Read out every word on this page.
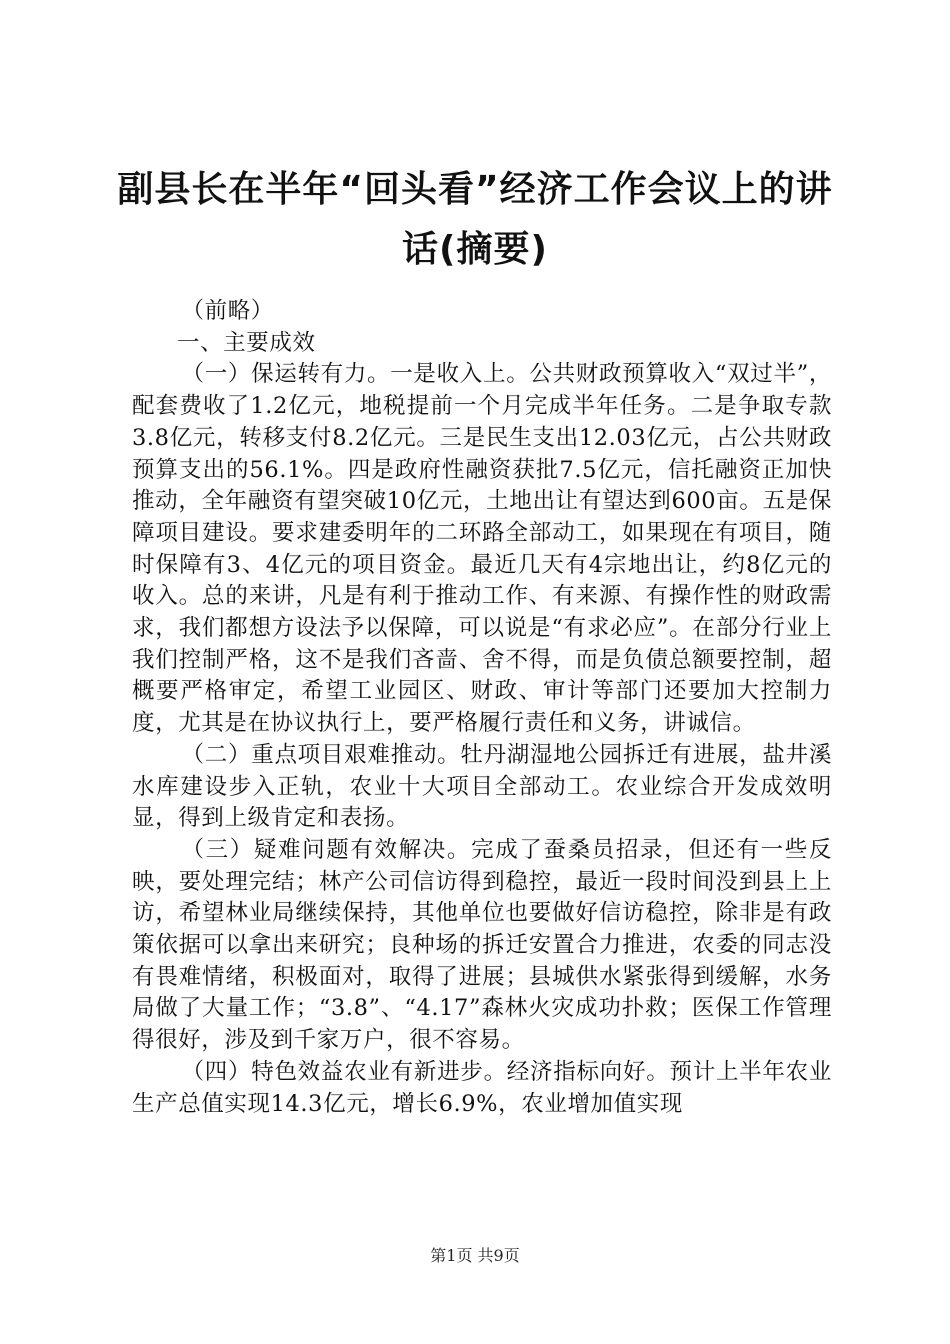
副县长在半年“回头看”经济工作会议上的讲话(摘要)

（前略）

一、主要成效

（一）保运转有力。一是收入上。公共财政预算收入“双过半”，配套费收了1.2亿元，地税提前一个月完成半年任务。二是争取专款3.8亿元，转移支付8.2亿元。三是民生支出12.03亿元，占公共财政预算支出的56.1%。四是政府性融资获批7.5亿元，信托融资正加快推动，全年融资有望突破10亿元，土地出让有望达到600亩。五是保障项目建设。要求建委明年的二环路全部动工，如果现在有项目，随时保障有3、4亿元的项目资金。最近几天有4宗地出让，约8亿元的收入。总的来讲，凡是有利于推动工作、有来源、有操作性的财政需求，我们都想方设法予以保障，可以说是“有求必应”。在部分行业上我们控制严格，这不是我们吝啬、舍不得，而是负债总额要控制，超概要严格审定，希望工业园区、财政、审计等部门还要加大控制力度，尤其是在协议执行上，要严格履行责任和义务，讲诚信。

（二）重点项目艰难推动。牡丹湖湿地公园拆迁有进展，盐井溪水库建设步入正轨，农业十大项目全部动工。农业综合开发成效明显，得到上级肯定和表扬。

（三）疑难问题有效解决。完成了蚕桑员招录，但还有一些反映，要处理完结；林产公司信访得到稳控，最近一段时间没到县上上访，希望林业局继续保持，其他单位也要做好信访稳控，除非是有政策依据可以拿出来研究；良种场的拆迁安置合力推进，农委的同志没有畏难情绪，积极面对，取得了进展；县城供水紧张得到缓解，水务局做了大量工作；“3.8”、“4.17”森林火灾成功扑救；医保工作管理得很好，涉及到千家万户，很不容易。

（四）特色效益农业有新进步。经济指标向好。预计上半年农业生产总值实现14.3亿元，增长6.9%，农业增加值实现

第1页 共9页
